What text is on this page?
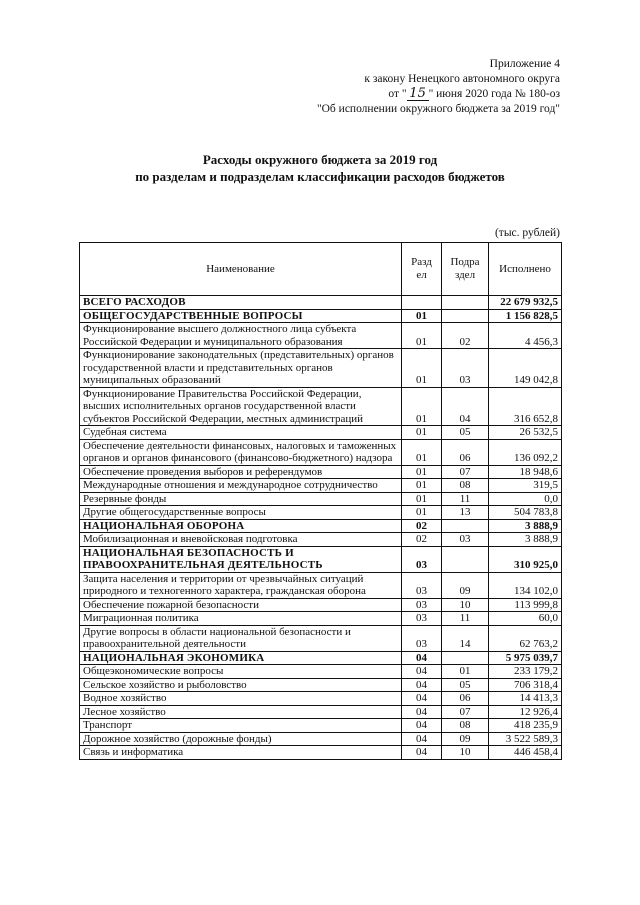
Приложение 4
к закону Ненецкого автономного округа
от " 15 " июня 2020 года № 180-оз
"Об исполнении окружного бюджета за 2019 год"
Расходы окружного бюджета за 2019 год
по разделам и подразделам классификации расходов бюджетов
(тыс. рублей)
Наименование	Разд ел	Подра здел	Исполнено
ВСЕГО РАСХОДОВ			22 679 932,5
ОБЩЕГОСУДАРСТВЕННЫЕ ВОПРОСЫ	01		1 156 828,5
Функционирование высшего должностного лица субъекта Российской Федерации и муниципального образования	01	02	4 456,3
Функционирование законодательных (представительных) органов государственной власти и представительных органов муниципальных образований	01	03	149 042,8
Функционирование Правительства Российской Федерации, высших исполнительных органов государственной власти субъектов Российской Федерации, местных администраций	01	04	316 652,8
Судебная система	01	05	26 532,5
Обеспечение деятельности финансовых, налоговых и таможенных органов и органов финансового (финансово-бюджетного) надзора	01	06	136 092,2
Обеспечение проведения выборов и референдумов	01	07	18 948,6
Международные отношения и международное сотрудничество	01	08	319,5
Резервные фонды	01	11	0,0
Другие общегосударственные вопросы	01	13	504 783,8
НАЦИОНАЛЬНАЯ ОБОРОНА	02		3 888,9
Мобилизационная и вневойсковая подготовка	02	03	3 888,9
НАЦИОНАЛЬНАЯ БЕЗОПАСНОСТЬ И ПРАВООХРАНИТЕЛЬНАЯ ДЕЯТЕЛЬНОСТЬ	03		310 925,0
Защита населения и территории от чрезвычайных ситуаций природного и техногенного характера, гражданская оборона	03	09	134 102,0
Обеспечение пожарной безопасности	03	10	113 999,8
Миграционная политика	03	11	60,0
Другие вопросы в области национальной безопасности и правоохранительной деятельности	03	14	62 763,2
НАЦИОНАЛЬНАЯ ЭКОНОМИКА	04		5 975 039,7
Общеэкономические вопросы	04	01	233 179,2
Сельское хозяйство и рыболовство	04	05	706 318,4
Водное хозяйство	04	06	14 413,3
Лесное хозяйство	04	07	12 926,4
Транспорт	04	08	418 235,9
Дорожное хозяйство (дорожные фонды)	04	09	3 522 589,3
Связь и информатика	04	10	446 458,4
